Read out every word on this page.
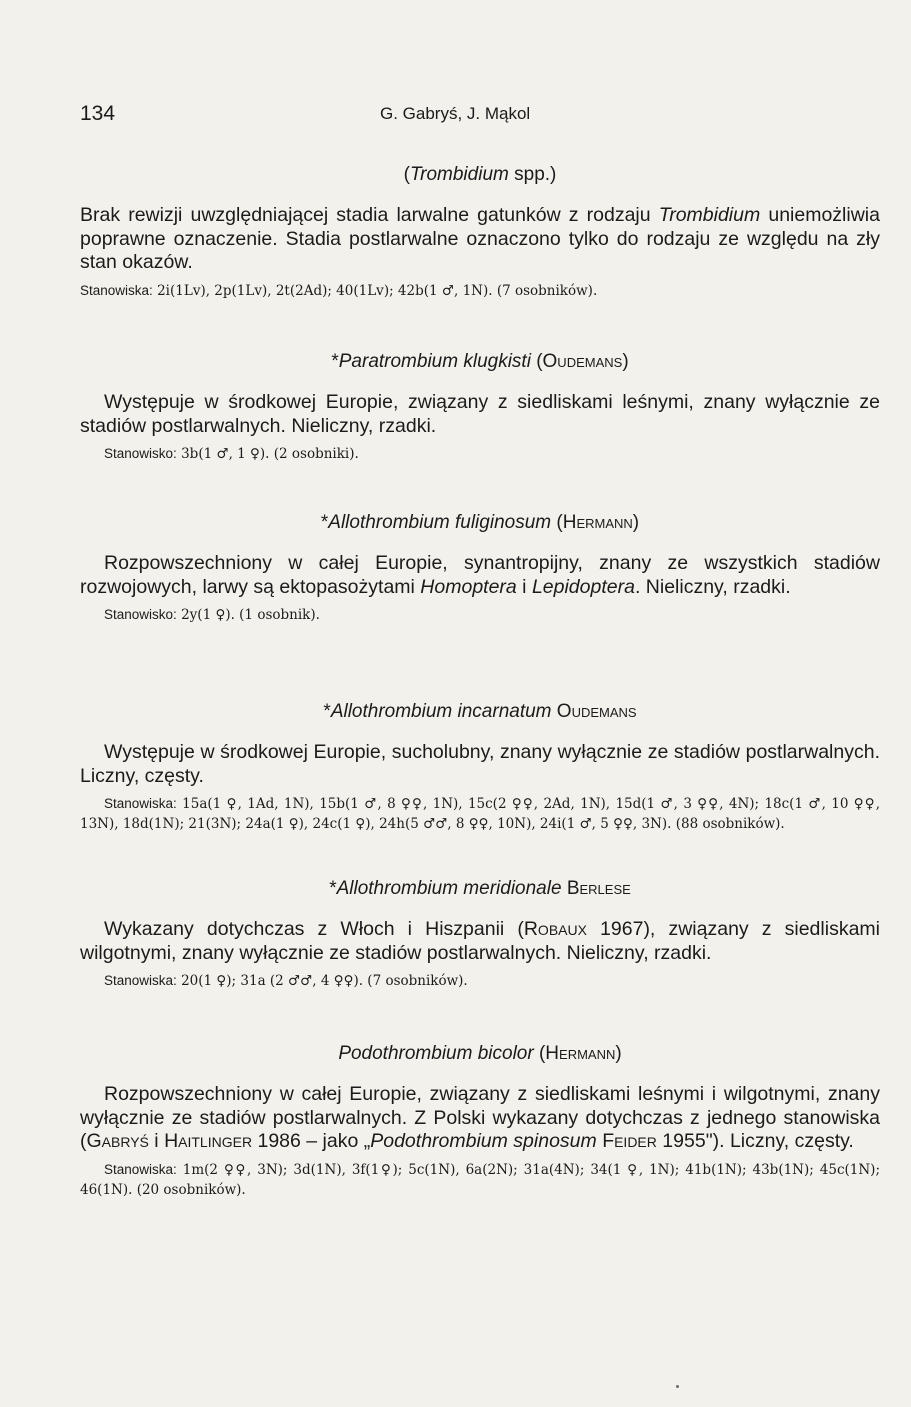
134	G. Gabryś, J. Mąkol

(Trombidium spp.)

Brak rewizji uwzględniającej stadia larwalne gatunków z rodzaju Trombidium uniemożliwia poprawne oznaczenie. Stadia postlarwalne oznaczono tylko do rodzaju ze względu na zły stan okazów.

Stanowiska: 2i(1Lv), 2p(1Lv), 2t(2Ad); 40(1Lv); 42b(1 ♂, 1N). (7 osobników).

*Paratrombium klugkisti (Oudemans)

Występuje w środkowej Europie, związany z siedliskami leśnymi, znany wyłącznie ze stadiów postlarwalnych. Nieliczny, rzadki.

Stanowisko: 3b(1 ♂, 1 ♀). (2 osobniki).

*Allothrombium fuliginosum (Hermann)

Rozpowszechniony w całej Europie, synantropijny, znany ze wszystkich stadiów rozwojowych, larwy są ektopasożytami Homoptera i Lepidoptera. Nieliczny, rzadki.

Stanowisko: 2y(1 ♀). (1 osobnik).

*Allothrombium incarnatum Oudemans

Występuje w środkowej Europie, sucholubny, znany wyłącznie ze stadiów postlarwalnych. Liczny, częsty.

Stanowiska: 15a(1 ♀, 1Ad, 1N), 15b(1 ♂, 8 ♀♀, 1N), 15c(2 ♀♀, 2Ad, 1N), 15d(1 ♂, 3 ♀♀, 4N); 18c(1 ♂, 10 ♀♀, 13N), 18d(1N); 21(3N); 24a(1 ♀), 24c(1 ♀), 24h(5 ♂♂, 8 ♀♀, 10N), 24i(1 ♂, 5 ♀♀, 3N). (88 osobników).

*Allothrombium meridionale Berlese

Wykazany dotychczas z Włoch i Hiszpanii (Robaux 1967), związany z siedliskami wilgotnymi, znany wyłącznie ze stadiów postlarwalnych. Nieliczny, rzadki.

Stanowiska: 20(1 ♀); 31a (2 ♂♂, 4 ♀♀). (7 osobników).

Podothrombium bicolor (Hermann)

Rozpowszechniony w całej Europie, związany z siedliskami leśnymi i wilgotnymi, znany wyłącznie ze stadiów postlarwalnych. Z Polski wykazany dotychczas z jednego stanowiska (Gabryś i Haitlinger 1986 – jako „Podothrombium spinosum Feider 1955"). Liczny, częsty.

Stanowiska: 1m(2 ♀♀, 3N); 3d(1N), 3f(1♀); 5c(1N), 6a(2N); 31a(4N); 34(1 ♀, 1N); 41b(1N); 43b(1N); 45c(1N); 46(1N). (20 osobników).
